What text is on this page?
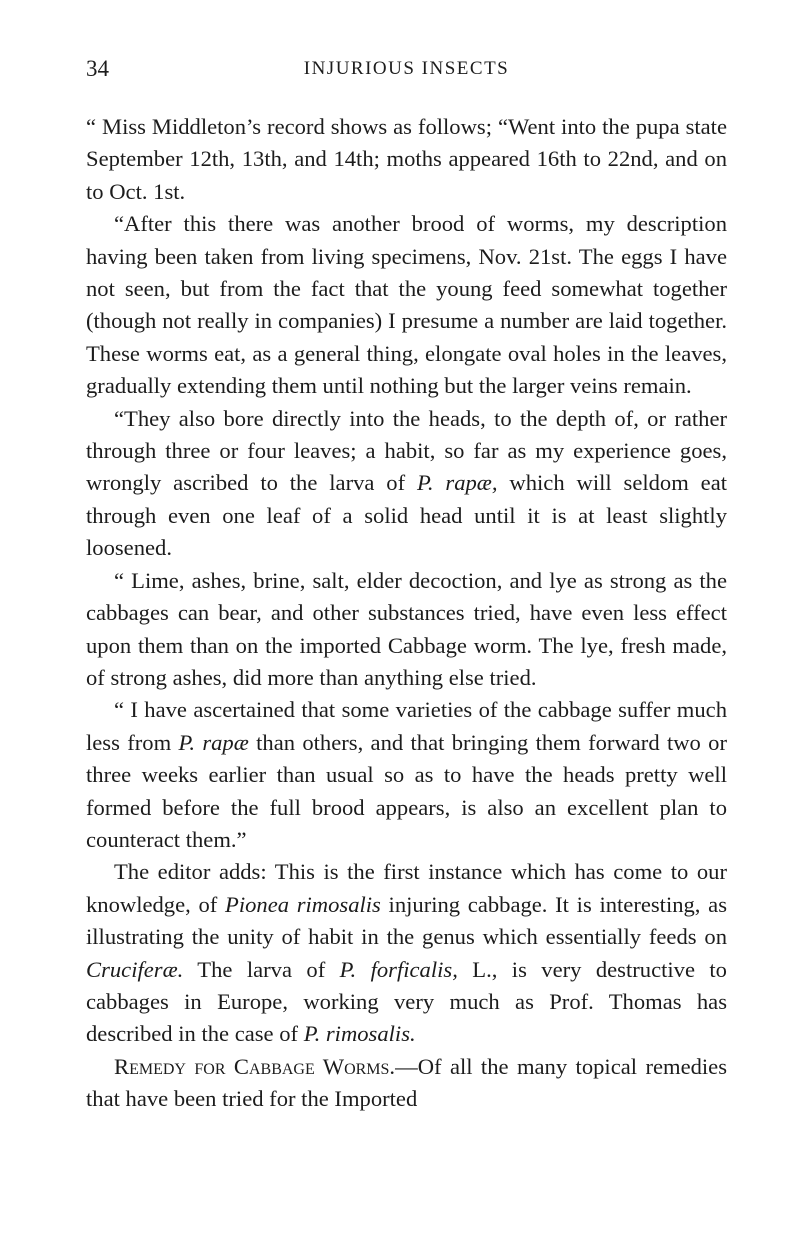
34	INJURIOUS INSECTS

“ Miss Middleton’s record shows as follows; “Went into the pupa state September 12th, 13th, and 14th; moths appeared 16th to 22nd, and on to Oct. 1st.

“After this there was another brood of worms, my description having been taken from living specimens, Nov. 21st. The eggs I have not seen, but from the fact that the young feed somewhat together (though not really in companies) I presume a number are laid together. These worms eat, as a general thing, elongate oval holes in the leaves, gradually extending them until nothing but the larger veins remain.

“They also bore directly into the heads, to the depth of, or rather through three or four leaves; a habit, so far as my experience goes, wrongly ascribed to the larva of P. rapæ, which will seldom eat through even one leaf of a solid head until it is at least slightly loosened.

“ Lime, ashes, brine, salt, elder decoction, and lye as strong as the cabbages can bear, and other substances tried, have even less effect upon them than on the imported Cabbage worm. The lye, fresh made, of strong ashes, did more than anything else tried.

“ I have ascertained that some varieties of the cabbage suffer much less from P. rapæ than others, and that bringing them forward two or three weeks earlier than usual so as to have the heads pretty well formed before the full brood appears, is also an excellent plan to counteract them.”

The editor adds: This is the first instance which has come to our knowledge, of Pionea rimosalis injuring cabbage. It is interesting, as illustrating the unity of habit in the genus which essentially feeds on Cruciferæ. The larva of P. forficalis, L., is very destructive to cabbages in Europe, working very much as Prof. Thomas has described in the case of P. rimosalis.

Remedy for Cabbage Worms.—Of all the many topical remedies that have been tried for the Imported
